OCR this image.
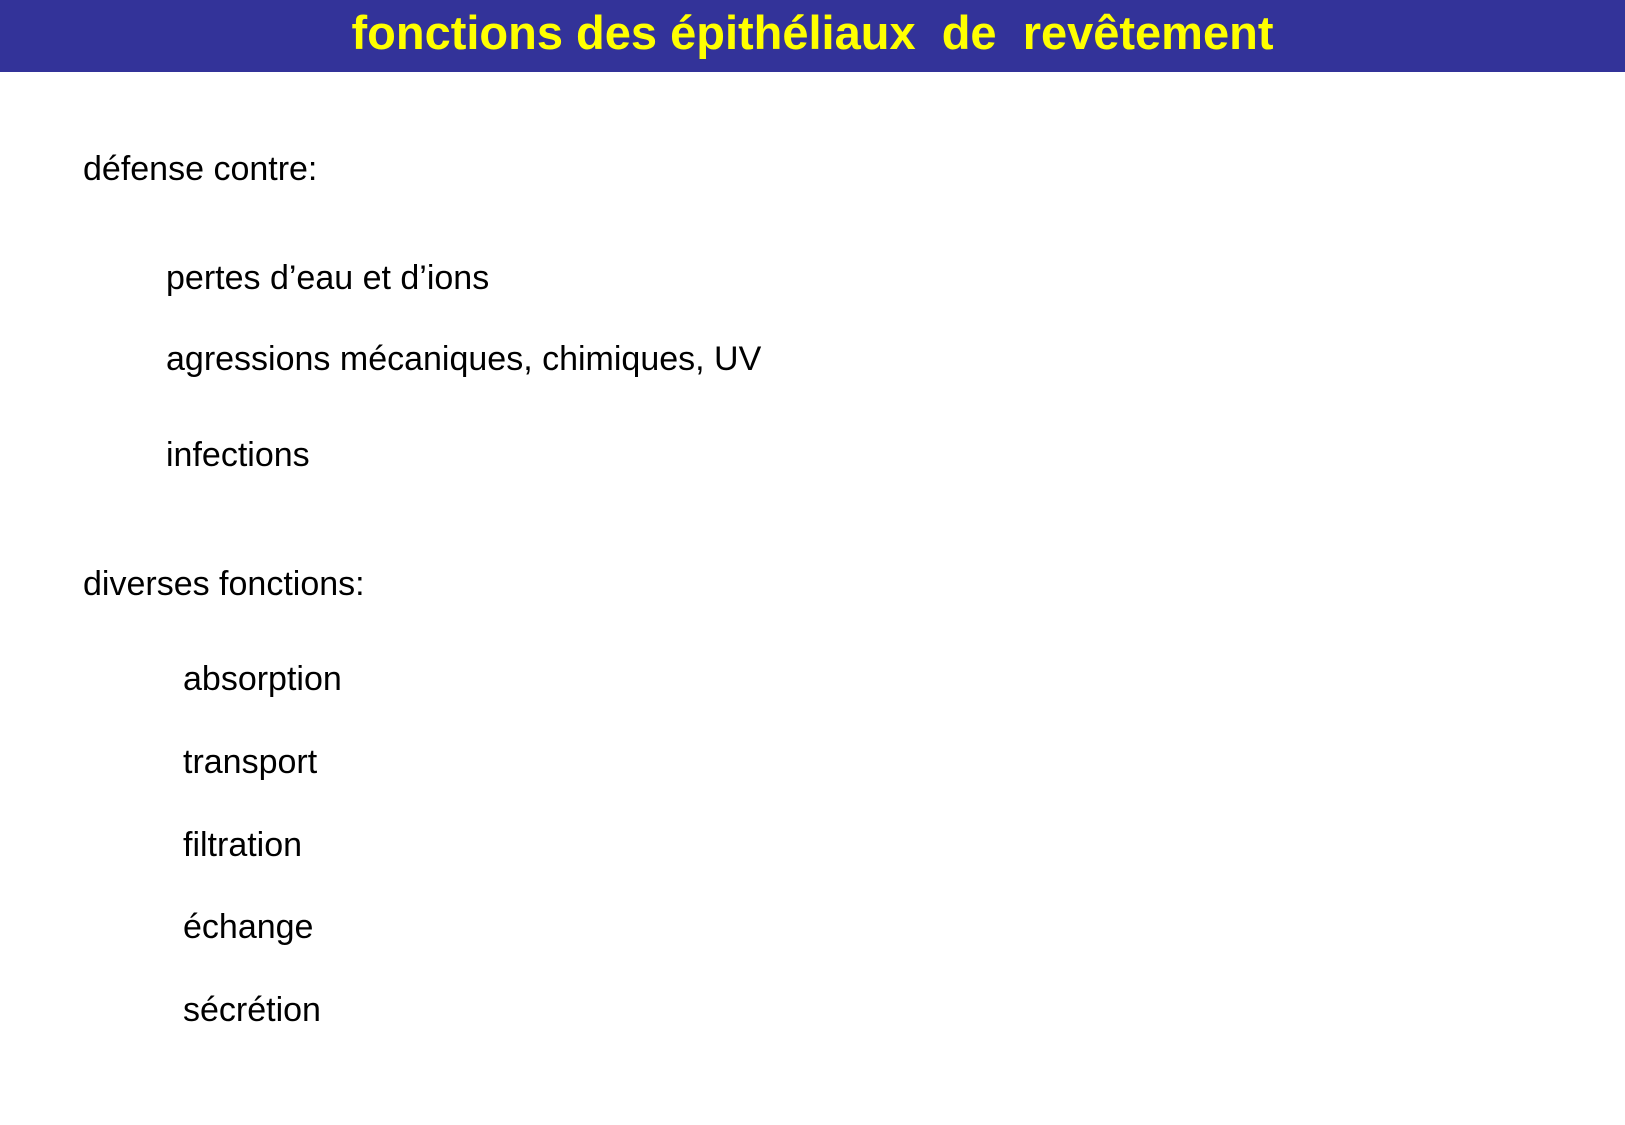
fonctions des épithéliaux  de  revêtement
défense contre:
pertes d’eau et d’ions
agressions mécaniques, chimiques, UV
infections
diverses fonctions:
absorption
transport
filtration
échange
sécrétion
